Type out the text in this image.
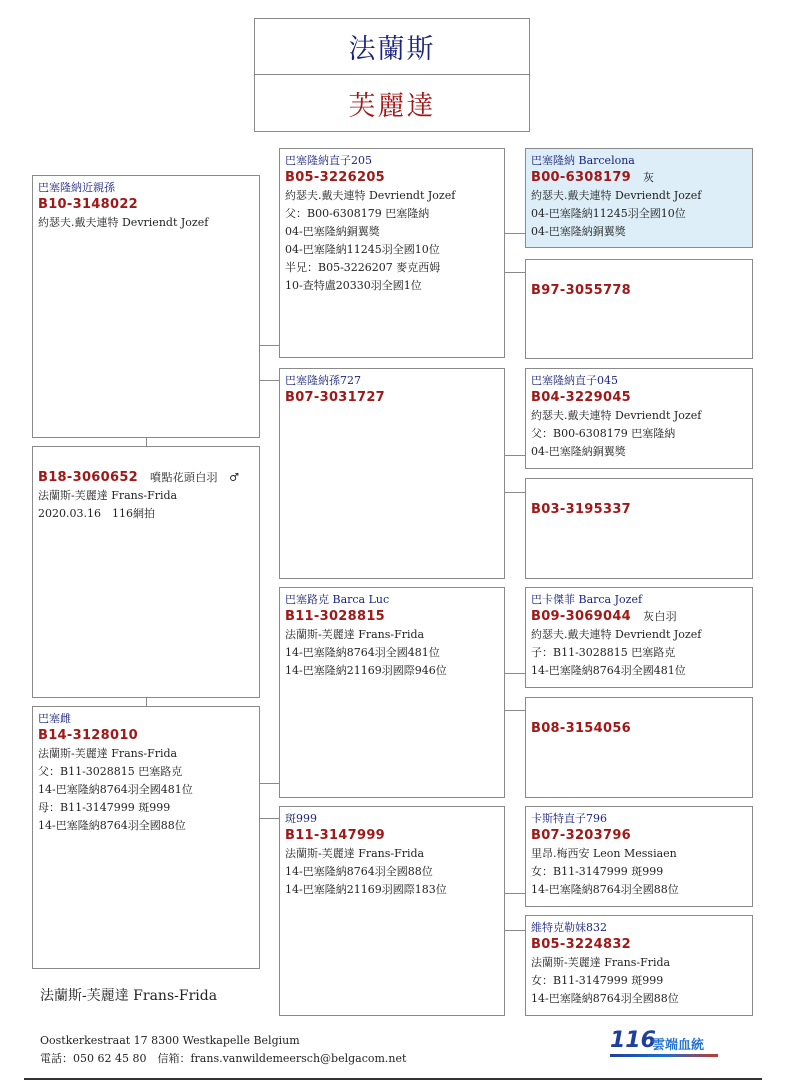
法蘭斯
芙麗達
巴塞隆納近親孫
B10-3148022
約瑟夫.戴夫連特 Devriendt Jozef
B18-3060652 噴點花頭白羽　♂
法蘭斯-芙麗達 Frans-Frida
2020.03.16　116網拍
巴塞雌
B14-3128010
法蘭斯-芙麗達 Frans-Frida
父：B11-3028815 巴塞路克
14-巴塞隆納8764羽全國481位
母：B11-3147999 斑999
14-巴塞隆納8764羽全國88位
巴塞隆納直子205
B05-3226205
約瑟夫.戴夫連特 Devriendt Jozef
父：B00-6308179 巴塞隆納
04-巴塞隆納銅翼獎
04-巴塞隆納11245羽全國10位
半兄：B05-3226207 麥克西姆
10-查特盧20330羽全國1位
巴塞隆納孫727
B07-3031727
巴塞路克 Barca Luc
B11-3028815
法蘭斯-芙麗達 Frans-Frida
14-巴塞隆納8764羽全國481位
14-巴塞隆納21169羽國際946位
斑999
B11-3147999
法蘭斯-芙麗達 Frans-Frida
14-巴塞隆納8764羽全國88位
14-巴塞隆納21169羽國際183位
巴塞隆納 Barcelona
B00-6308179 灰
約瑟夫.戴夫連特 Devriendt Jozef
04-巴塞隆納11245羽全國10位
04-巴塞隆納銅翼獎
B97-3055778
巴塞隆納直子045
B04-3229045
約瑟夫.戴夫連特 Devriendt Jozef
父：B00-6308179 巴塞隆納
04-巴塞隆納銅翼獎
B03-3195337
巴卡傑菲 Barca Jozef
B09-3069044 灰白羽
約瑟夫.戴夫連特 Devriendt Jozef
子：B11-3028815 巴塞路克
14-巴塞隆納8764羽全國481位
B08-3154056
卡斯特直子796
B07-3203796
里昂.梅西安 Leon Messiaen
女：B11-3147999 斑999
14-巴塞隆納8764羽全國88位
維特克勒妹832
B05-3224832
法蘭斯-芙麗達 Frans-Frida
女：B11-3147999 斑999
14-巴塞隆納8764羽全國88位
法蘭斯-芙麗達 Frans-Frida
Oostkerkestraat 17 8300 Westkapelle Belgium
電話：050 62 45 80　信箱：frans.vanwildemeersch@belgacom.net
116
雲端血統
